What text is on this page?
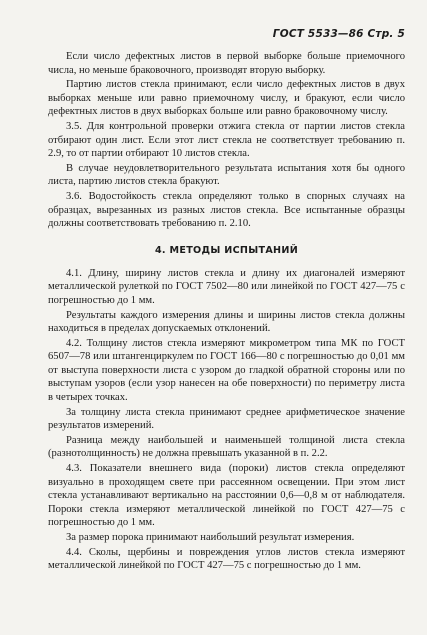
ГОСТ 5533—86 Стр. 5

Если число дефектных листов в первой выборке больше приемочного числа, но меньше браковочного, производят вторую выборку.

Партию листов стекла принимают, если число дефектных листов в двух выборках меньше или равно приемочному числу, и бракуют, если число дефектных листов в двух выборках больше или равно браковочному числу.

3.5. Для контрольной проверки отжига стекла от партии листов стекла отбирают один лист. Если этот лист стекла не соответствует требованию п. 2.9, то от партии отбирают 10 листов стекла.

В случае неудовлетворительного результата испытания хотя бы одного листа, партию листов стекла бракуют.

3.6. Водостойкость стекла определяют только в спорных случаях на образцах, вырезанных из разных листов стекла. Все испытанные образцы должны соответствовать требованию п. 2.10.

4. МЕТОДЫ ИСПЫТАНИЙ

4.1. Длину, ширину листов стекла и длину их диагоналей измеряют металлической рулеткой по ГОСТ 7502—80 или линейкой по ГОСТ 427—75 с погрешностью до 1 мм.

Результаты каждого измерения длины и ширины листов стекла должны находиться в пределах допускаемых отклонений.

4.2. Толщину листов стекла измеряют микрометром типа МК по ГОСТ 6507—78 или штангенциркулем по ГОСТ 166—80 с погрешностью до 0,01 мм от выступа поверхности листа с узором до гладкой обратной стороны или по выступам узоров (если узор нанесен на обе поверхности) по периметру листа в четырех точках.

За толщину листа стекла принимают среднее арифметическое значение результатов измерений.

Разница между наибольшей и наименьшей толщиной листа стекла (разнотолщинность) не должна превышать указанной в п. 2.2.

4.3. Показатели внешнего вида (пороки) листов стекла определяют визуально в проходящем свете при рассеянном освещении. При этом лист стекла устанавливают вертикально на расстоянии 0,6—0,8 м от наблюдателя. Пороки стекла измеряют металлической линейкой по ГОСТ 427—75 с погрешностью до 1 мм.

За размер порока принимают наибольший результат измерения.

4.4. Сколы, щербины и повреждения углов листов стекла измеряют металлической линейкой по ГОСТ 427—75 с погрешностью до 1 мм.
